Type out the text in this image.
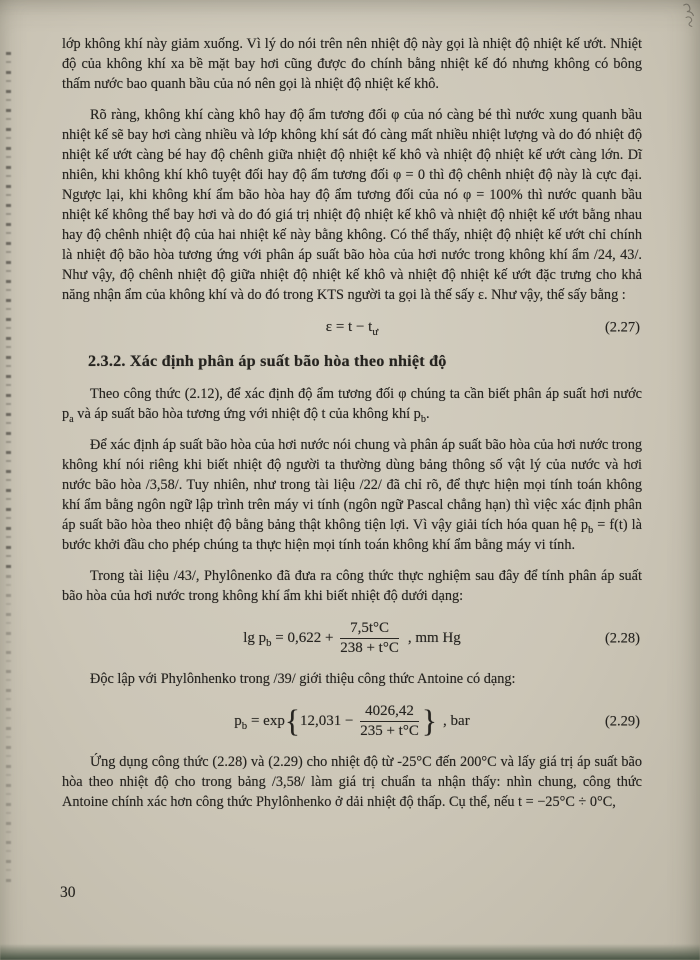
lớp không khí này giảm xuống. Vì lý do nói trên nên nhiệt độ này gọi là nhiệt độ nhiệt kế ướt. Nhiệt độ của không khí xa bề mặt bay hơi cũng được đo chính bằng nhiệt kế đó nhưng không có bông thấm nước bao quanh bầu của nó nên gọi là nhiệt độ nhiệt kế khô.

Rõ ràng, không khí càng khô hay độ ẩm tương đối φ của nó càng bé thì nước xung quanh bầu nhiệt kế sẽ bay hơi càng nhiều và lớp không khí sát đó càng mất nhiều nhiệt lượng và do đó nhiệt độ nhiệt kế ướt càng bé hay độ chênh giữa nhiệt độ nhiệt kế khô và nhiệt độ nhiệt kế ướt càng lớn. Dĩ nhiên, khi không khí khô tuyệt đối hay độ ẩm tương đối φ = 0 thì độ chênh nhiệt độ này là cực đại. Ngược lại, khi không khí ẩm bão hòa hay độ ẩm tương đối của nó φ = 100% thì nước quanh bầu nhiệt kế không thể bay hơi và do đó giá trị nhiệt độ nhiệt kế khô và nhiệt độ nhiệt kế ướt bằng nhau hay độ chênh nhiệt độ của hai nhiệt kế này bằng không. Có thể thấy, nhiệt độ nhiệt kế ướt chỉ chính là nhiệt độ bão hòa tương ứng với phân áp suất bão hòa của hơi nước trong không khí ẩm /24, 43/. Như vậy, độ chênh nhiệt độ giữa nhiệt độ nhiệt kế khô và nhiệt độ nhiệt kế ướt đặc trưng cho khả năng nhận ẩm của không khí và do đó trong KTS người ta gọi là thế sấy ε. Như vậy, thế sấy bằng :

$\varepsilon = t - t_ư$	(2.27)
2.3.2. Xác định phân áp suất bão hòa theo nhiệt độ

Theo công thức (2.12), để xác định độ ẩm tương đối φ chúng ta cần biết phân áp suất hơi nước $p_a$ và áp suất bão hòa tương ứng với nhiệt độ t của không khí $p_b$.

Để xác định áp suất bão hòa của hơi nước nói chung và phân áp suất bão hòa của hơi nước trong không khí nói riêng khi biết nhiệt độ người ta thường dùng bảng thông số vật lý của nước và hơi nước bão hòa /3,58/. Tuy nhiên, như trong tài liệu /22/ đã chỉ rõ, để thực hiện mọi tính toán không khí ẩm bằng ngôn ngữ lập trình trên máy vi tính (ngôn ngữ Pascal chẳng hạn) thì việc xác định phân áp suất bão hòa theo nhiệt độ bằng bảng thật không tiện lợi. Vì vậy giải tích hóa quan hệ $p_b = f(t)$ là bước khởi đầu cho phép chúng ta thực hiện mọi tính toán không khí ẩm bằng máy vi tính.

Trong tài liệu /43/, Phylônenko đã đưa ra công thức thực nghiệm sau đây để tính phân áp suất bão hòa của hơi nước trong không khí ẩm khi biết nhiệt độ dưới dạng:

$\lg p_b = 0,622 + \frac{7,5t^\circ C}{238 + t^\circ C}$ , mm Hg	(2.28)

Độc lập với Phylônhenko trong /39/ giới thiệu công thức Antoine có dạng:

$p_b = \exp\{12,031 - \frac{4026,42}{235 + t^\circ C}$ } , bar	(2.29)

Ứng dụng công thức (2.28) và (2.29) cho nhiệt độ từ -25°C đến 200°C và lấy giá trị áp suất bão hòa theo nhiệt độ cho trong bảng /3,58/ làm giá trị chuẩn ta nhận thấy: nhìn chung, công thức Antoine chính xác hơn công thức Phylônhenko ở dải nhiệt độ thấp. Cụ thể, nếu t = −25°C ÷ 0°C,

30
